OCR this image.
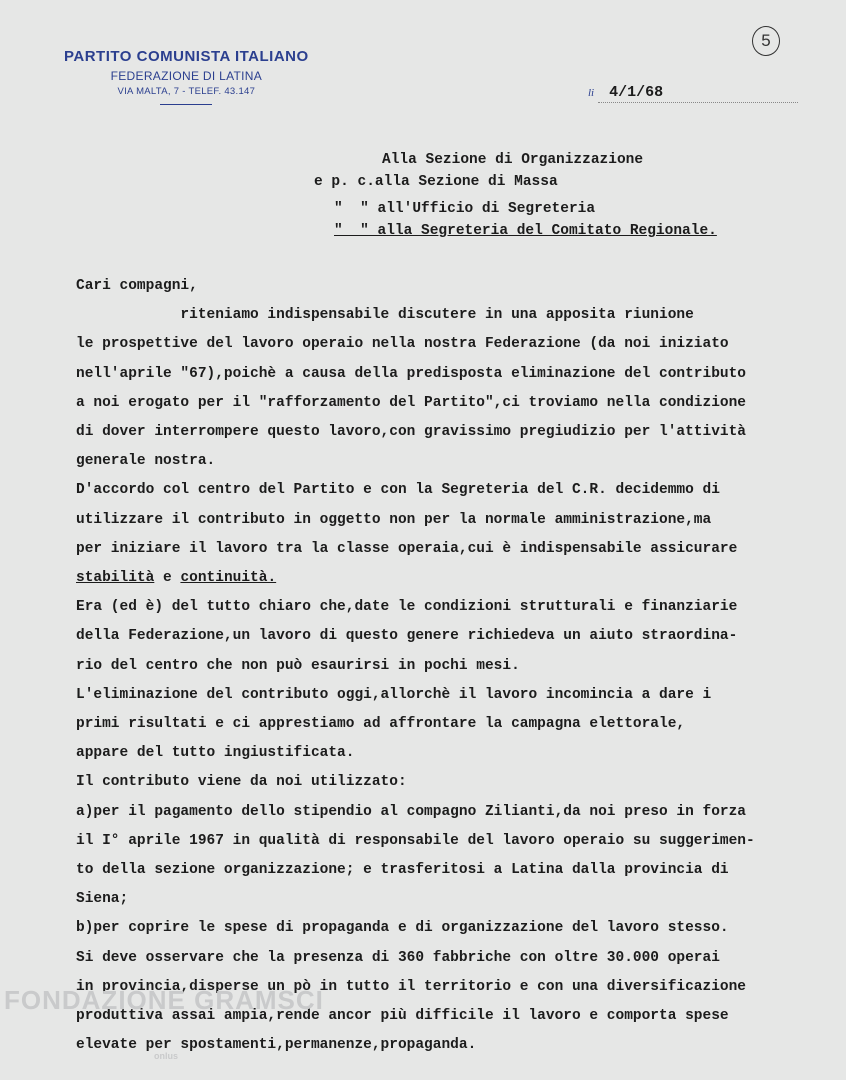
PARTITO COMUNISTA ITALIANO
FEDERAZIONE DI LATINA
VIA MALTA, 7 - TELEF. 43.147
5
li 4/1/68
Alla Sezione di Organizzazione
e p. c.alla Sezione di Massa
"  " all'Ufficio di Segreteria
"  " alla Segreteria del Comitato Regionale.

Cari compagni,

riteniamo indispensabile discutere in una apposita riunione

le prospettive del lavoro operaio nella nostra Federazione (da noi iniziato

nell'aprile "67),poichè a causa della predisposta eliminazione del contributo

a noi erogato per il "rafforzamento del Partito",ci troviamo nella condizione

di dover interrompere questo lavoro,con gravissimo pregiudizio per l'attività

generale nostra.

D'accordo col centro del Partito e con la Segreteria del C.R. decidemmo di

utilizzare il contributo in oggetto non per la normale amministrazione,ma

per iniziare il lavoro tra la classe operaia,cui è indispensabile assicurare

stabilità e continuità.

Era (ed è) del tutto chiaro che,date le condizioni strutturali e finanziarie

della Federazione,un lavoro di questo genere richiedeva un aiuto straordina-

rio del centro che non può esaurirsi in pochi mesi.

L'eliminazione del contributo oggi,allorchè il lavoro incomincia a dare i

primi risultati e ci apprestiamo ad affrontare la campagna elettorale,

appare del tutto ingiustificata.

Il contributo viene da noi utilizzato:

a)per il pagamento dello stipendio al compagno Zilianti,da noi preso in forza

il I° aprile 1967 in qualità di responsabile del lavoro operaio su suggerimen-

to della sezione organizzazione; e trasferitosi a Latina dalla provincia di

Siena;

b)per coprire le spese di propaganda e di organizzazione del lavoro stesso.

Si deve osservare che la presenza di 360 fabbriche con oltre 30.000 operai

in provincia,disperse un pò in tutto il territorio e con una diversificazione

produttiva assai ampia,rende ancor più difficile il lavoro e comporta spese

elevate per spostamenti,permanenze,propaganda.

FONDAZIONE GRAMSCI
onlus
